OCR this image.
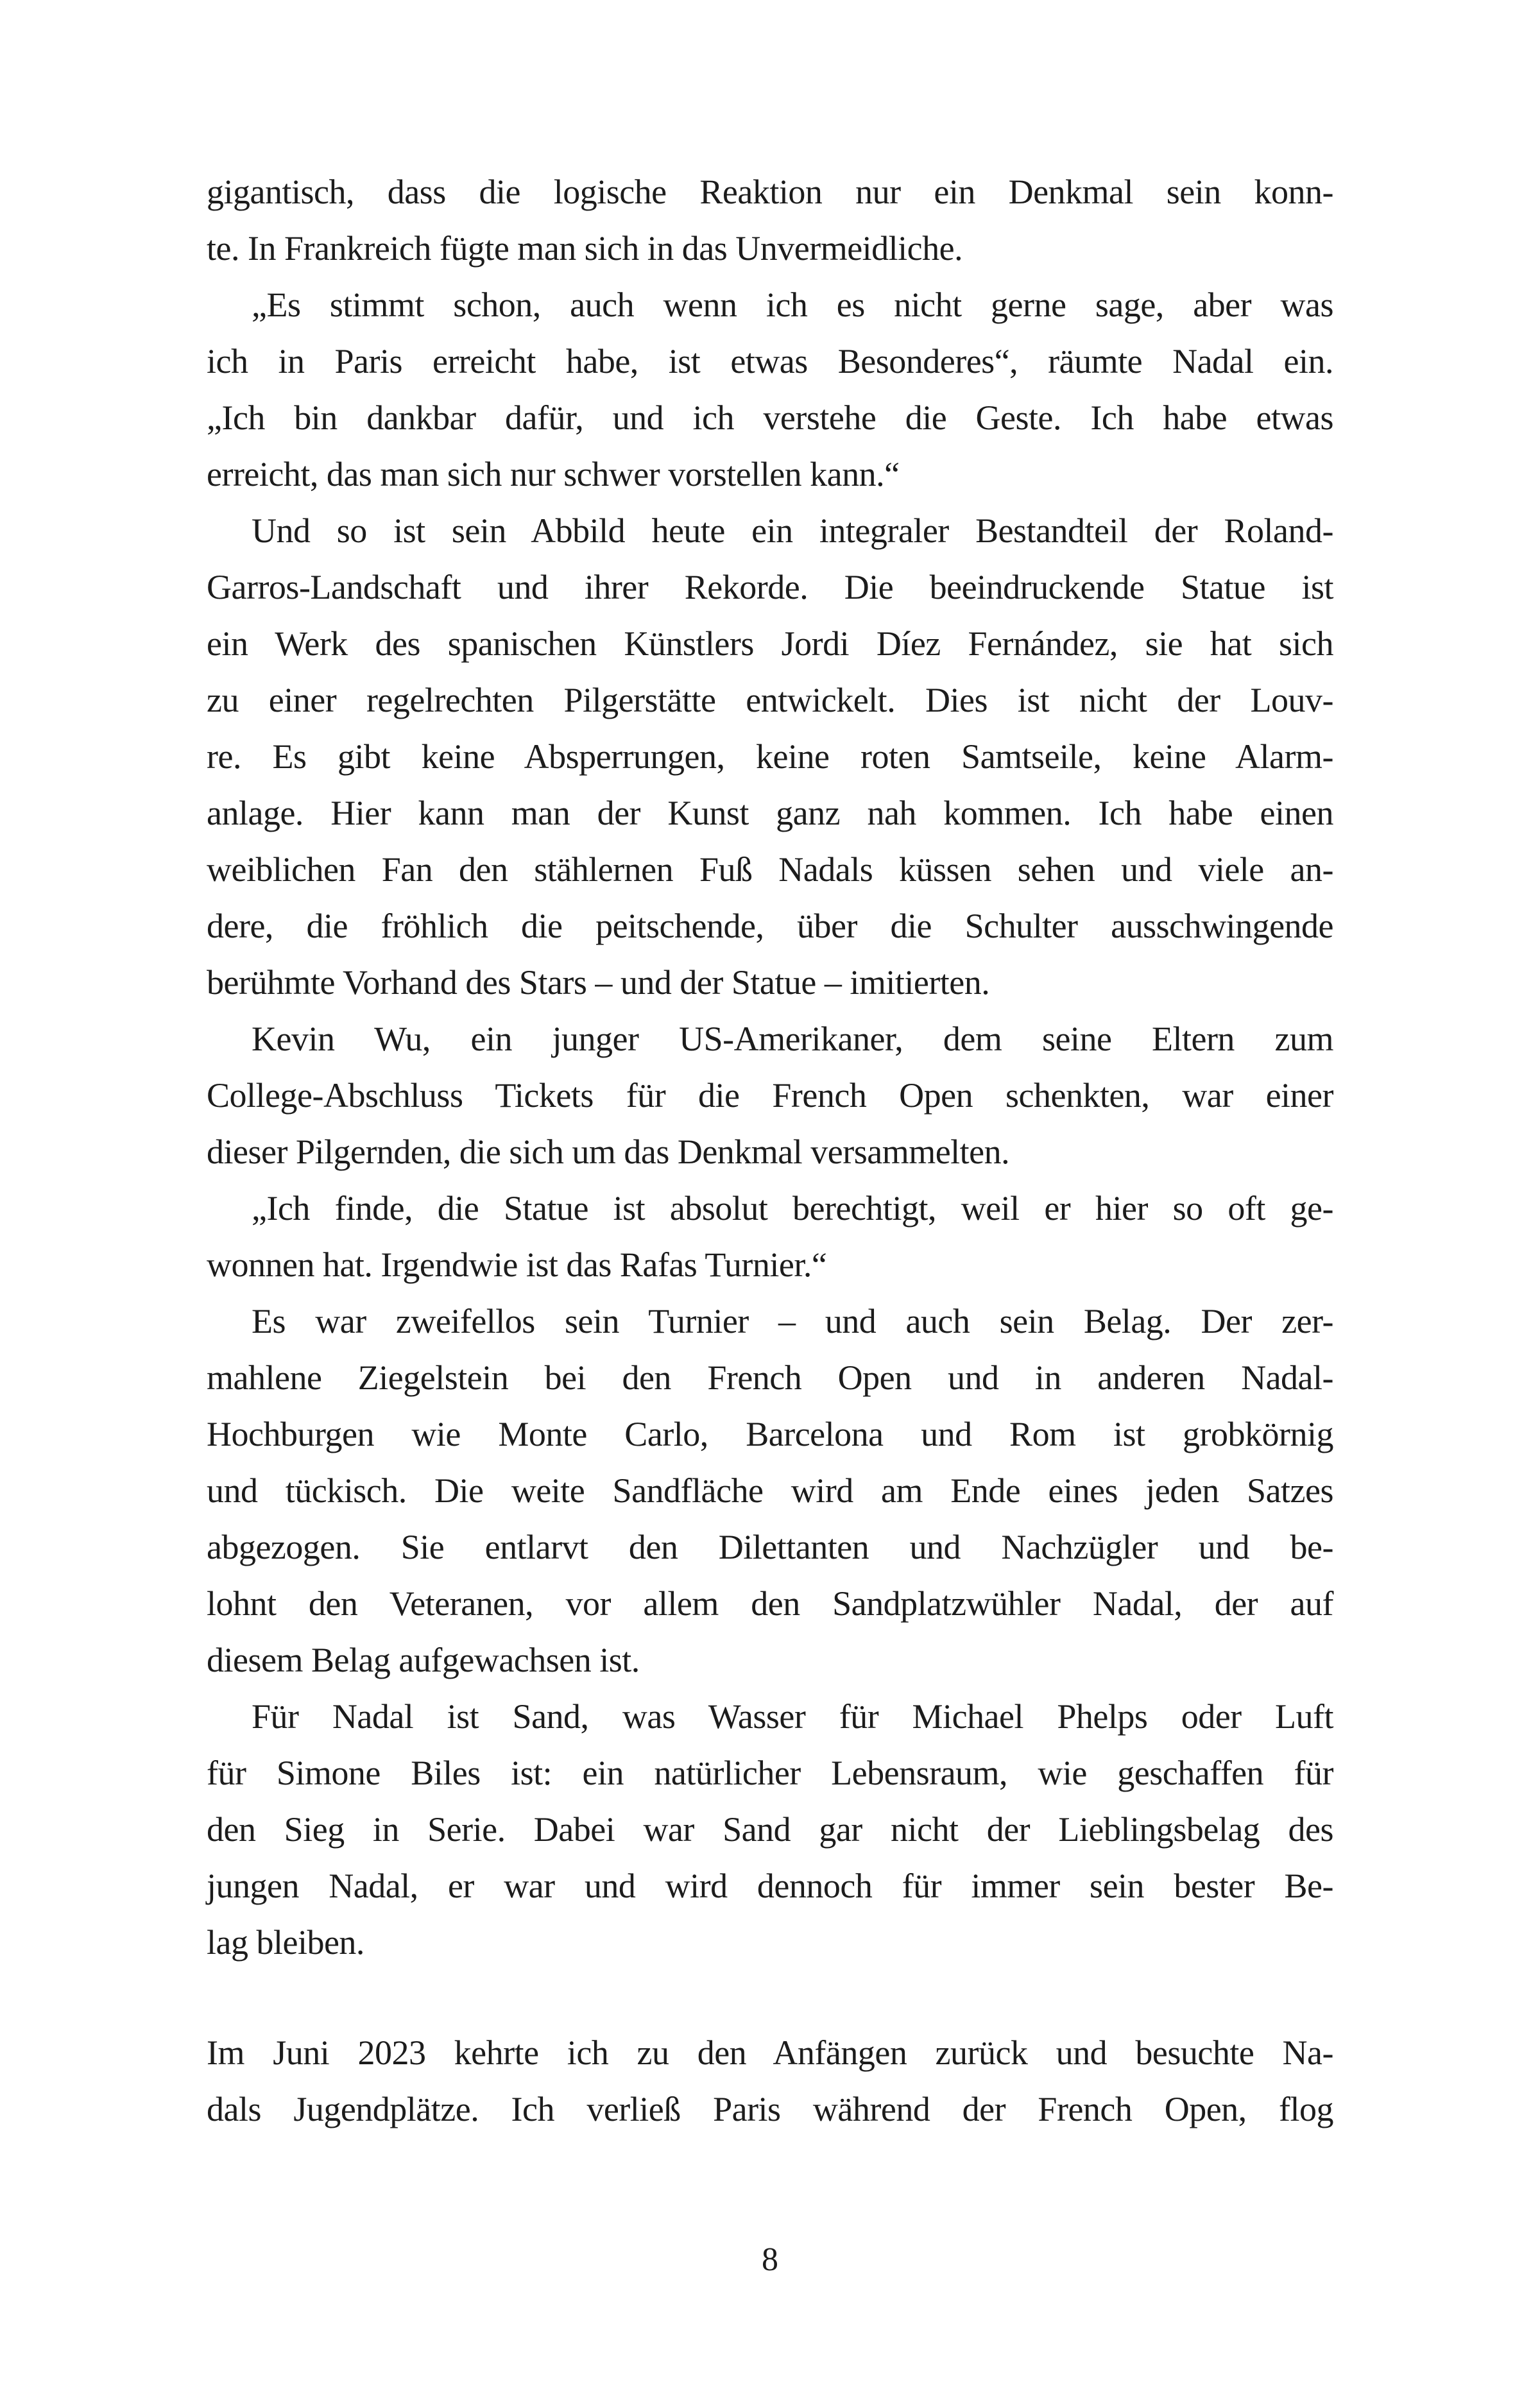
gigantisch, dass die logische Reaktion nur ein Denkmal sein konn-
te. In Frankreich fügte man sich in das Unvermeidliche.
„Es stimmt schon, auch wenn ich es nicht gerne sage, aber was
ich in Paris erreicht habe, ist etwas Besonderes“, räumte Nadal ein.
„Ich bin dankbar dafür, und ich verstehe die Geste. Ich habe etwas
erreicht, das man sich nur schwer vorstellen kann.“
Und so ist sein Abbild heute ein integraler Bestandteil der Roland-
Garros-Landschaft und ihrer Rekorde. Die beeindruckende Statue ist
ein Werk des spanischen Künstlers Jordi Díez Fernández, sie hat sich
zu einer regelrechten Pilgerstätte entwickelt. Dies ist nicht der Louv-
re. Es gibt keine Absperrungen, keine roten Samtseile, keine Alarm-
anlage. Hier kann man der Kunst ganz nah kommen. Ich habe einen
weiblichen Fan den stählernen Fuß Nadals küssen sehen und viele an-
dere, die fröhlich die peitschende, über die Schulter ausschwingende
berühmte Vorhand des Stars – und der Statue – imitierten.
Kevin Wu, ein junger US-Amerikaner, dem seine Eltern zum
College-Abschluss Tickets für die French Open schenkten, war einer
dieser Pilgernden, die sich um das Denkmal versammelten.
„Ich finde, die Statue ist absolut berechtigt, weil er hier so oft ge-
wonnen hat. Irgendwie ist das Rafas Turnier.“
Es war zweifellos sein Turnier – und auch sein Belag. Der zer-
mahlene Ziegelstein bei den French Open und in anderen Nadal-
Hochburgen wie Monte Carlo, Barcelona und Rom ist grobkörnig
und tückisch. Die weite Sandfläche wird am Ende eines jeden Satzes
abgezogen. Sie entlarvt den Dilettanten und Nachzügler und be-
lohnt den Veteranen, vor allem den Sandplatzwühler Nadal, der auf
diesem Belag aufgewachsen ist.
Für Nadal ist Sand, was Wasser für Michael Phelps oder Luft
für Simone Biles ist: ein natürlicher Lebensraum, wie geschaffen für
den Sieg in Serie. Dabei war Sand gar nicht der Lieblingsbelag des
jungen Nadal, er war und wird dennoch für immer sein bester Be-
lag bleiben.
Im Juni 2023 kehrte ich zu den Anfängen zurück und besuchte Na-
dals Jugendplätze. Ich verließ Paris während der French Open, flog
8
